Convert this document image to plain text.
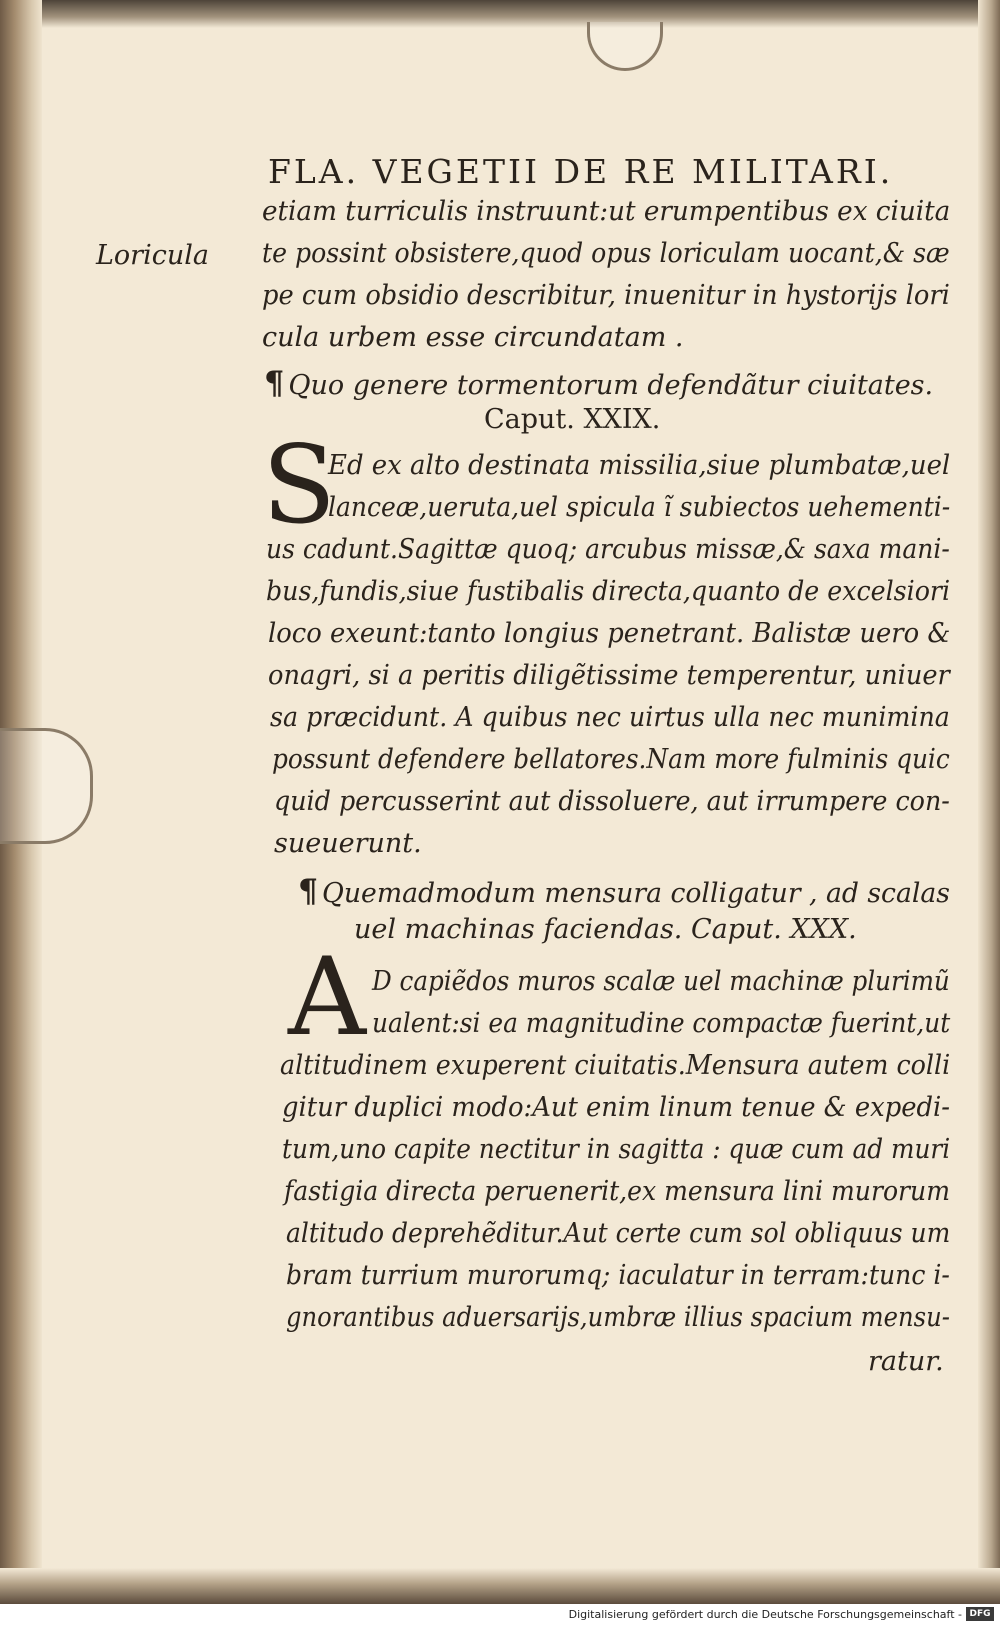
FLA. VEGETII DE RE MILITARI.
Loricula
etiam turriculis instruunt:ut erumpentibus ex ciuita
te possint obsistere,quod opus loriculam uocant,& sæ
pe cum obsidio describitur, inuenitur in hystorijs lori
cula urbem esse circundatam .
¶ Quo genere tormentorum defendãtur ciuitates.
Caput. XXIX.
S
Ed ex alto destinata missilia,siue plumbatæ,uel
lanceæ,ueruta,uel spicula ĩ subiectos uehementi-
us cadunt.Sagittæ quoq; arcubus missæ,& saxa mani-
bus,fundis,siue fustibalis directa,quanto de excelsiori
loco exeunt:tanto longius penetrant. Balistæ uero &
onagri, si a peritis diligẽtissime temperentur, uniuer
sa præcidunt. A quibus nec uirtus ulla nec munimina
possunt defendere bellatores.Nam more fulminis quic
quid percusserint aut dissoluere, aut irrumpere con-
sueuerunt.
¶ Quemadmodum mensura colligatur , ad scalas
uel machinas faciendas. Caput. XXX.
A D capiẽdos muros scalæ uel machinæ plurimũ
ualent:si ea magnitudine compactæ fuerint,ut
altitudinem exuperent ciuitatis.Mensura autem colli
gitur duplici modo:Aut enim linum tenue & expedi-
tum,uno capite nectitur in sagitta : quæ cum ad muri
fastigia directa peruenerit,ex mensura lini murorum
altitudo deprehẽditur.Aut certe cum sol obliquus um
bram turrium murorumq; iaculatur in terram:tunc i-
gnorantibus aduersarijs,umbræ illius spacium mensu-
ratur.
Digitalisierung gefördert durch die Deutsche Forschungsgemeinschaft - DFG
